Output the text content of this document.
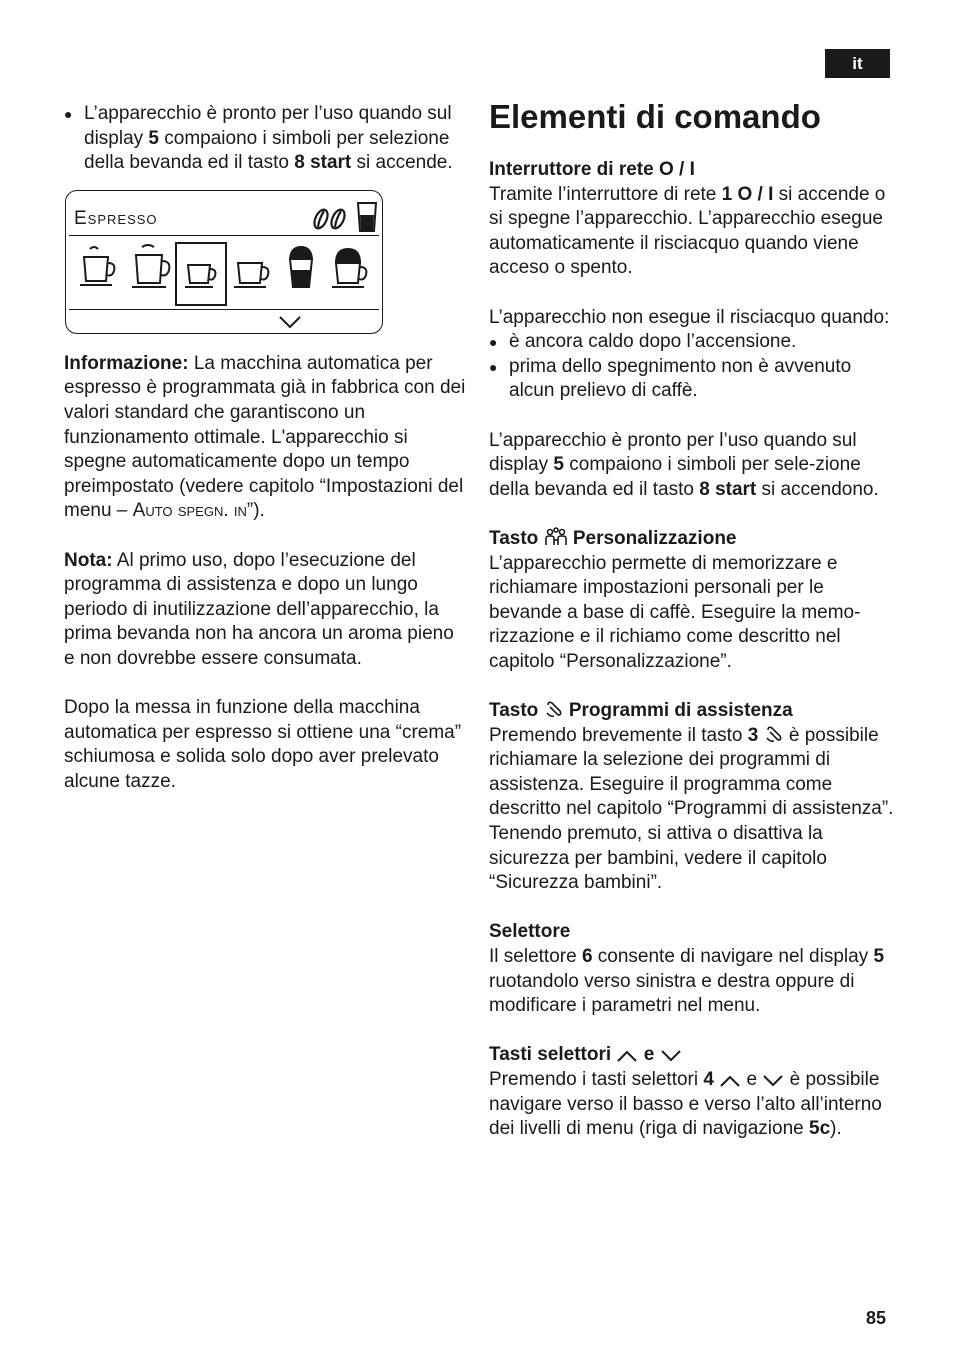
it

● L’apparecchio è pronto per l’uso quando sul display 5 compaiono i simboli per selezione della bevanda ed il tasto 8 start si accende.

Espresso

Informazione: La macchina automatica per espresso è programmata già in fabbrica con dei valori standard che garantiscono un funzionamento ottimale. L'apparecchio si spegne automaticamente dopo un tempo preimpostato (vedere capitolo “Impostazioni del menu – Auto spegn. in”).

Nota: Al primo uso, dopo l’esecuzione del programma di assistenza e dopo un lungo periodo di inutilizzazione dell’apparecchio, la prima bevanda non ha ancora un aroma pieno e non dovrebbe essere consumata.

Dopo la messa in funzione della macchina automatica per espresso si ottiene una “crema” schiumosa e solida solo dopo aver prelevato alcune tazze.

Elementi di comando

Interruttore di rete O / I

Tramite l’interruttore di rete 1 O / I si accende o si spegne l’apparecchio. L’apparecchio esegue automaticamente il risciacquo quando viene acceso o spento.

L’apparecchio non esegue il risciacquo quando:

● è ancora caldo dopo l’accensione.

● prima dello spegnimento non è avvenuto alcun prelievo di caffè.

L’apparecchio è pronto per l’uso quando sul display 5 compaiono i simboli per sele-zione della bevanda ed il tasto 8 start si accendono.

Tasto Personalizzazione

L’apparecchio permette di memorizzare e richiamare impostazioni personali per le bevande a base di caffè. Eseguire la memo-rizzazione e il richiamo come descritto nel capitolo “Personalizzazione”.

Tasto Programmi di assistenza

Premendo brevemente il tasto 3  è possibile richiamare la selezione dei programmi di assistenza. Eseguire il programma come descritto nel capitolo “Programmi di assistenza”.

Tenendo premuto, si attiva o disattiva la sicurezza per bambini, vedere il capitolo “Sicurezza bambini”.

Selettore

Il selettore 6 consente di navigare nel display 5 ruotandolo verso sinistra e destra oppure di modificare i parametri nel menu.

Tasti selettori e

Premendo i tasti selettori 4  e  è possibile navigare verso il basso e verso l’alto all’interno dei livelli di menu (riga di navigazione 5c).

85
